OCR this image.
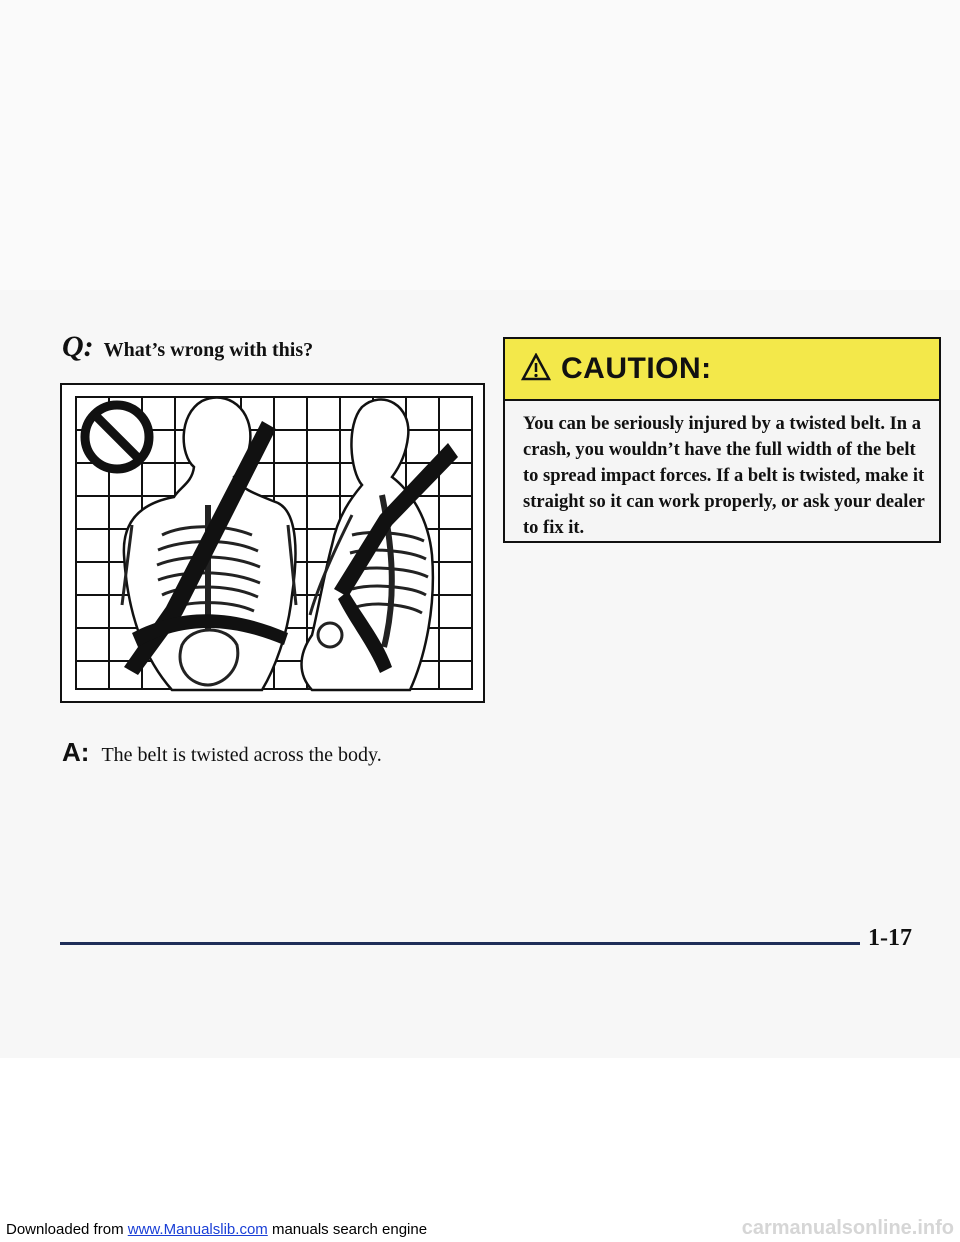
Q: What’s wrong with this?
A: The belt is twisted across the body.
CAUTION:
You can be seriously injured by a twisted belt. In a crash, you wouldn’t have the full width of the belt to spread impact forces. If a belt is twisted, make it straight so it can work properly, or ask your dealer to fix it.
1-17
Downloaded from www.Manualslib.com manuals search engine	carmanualsonline.info
